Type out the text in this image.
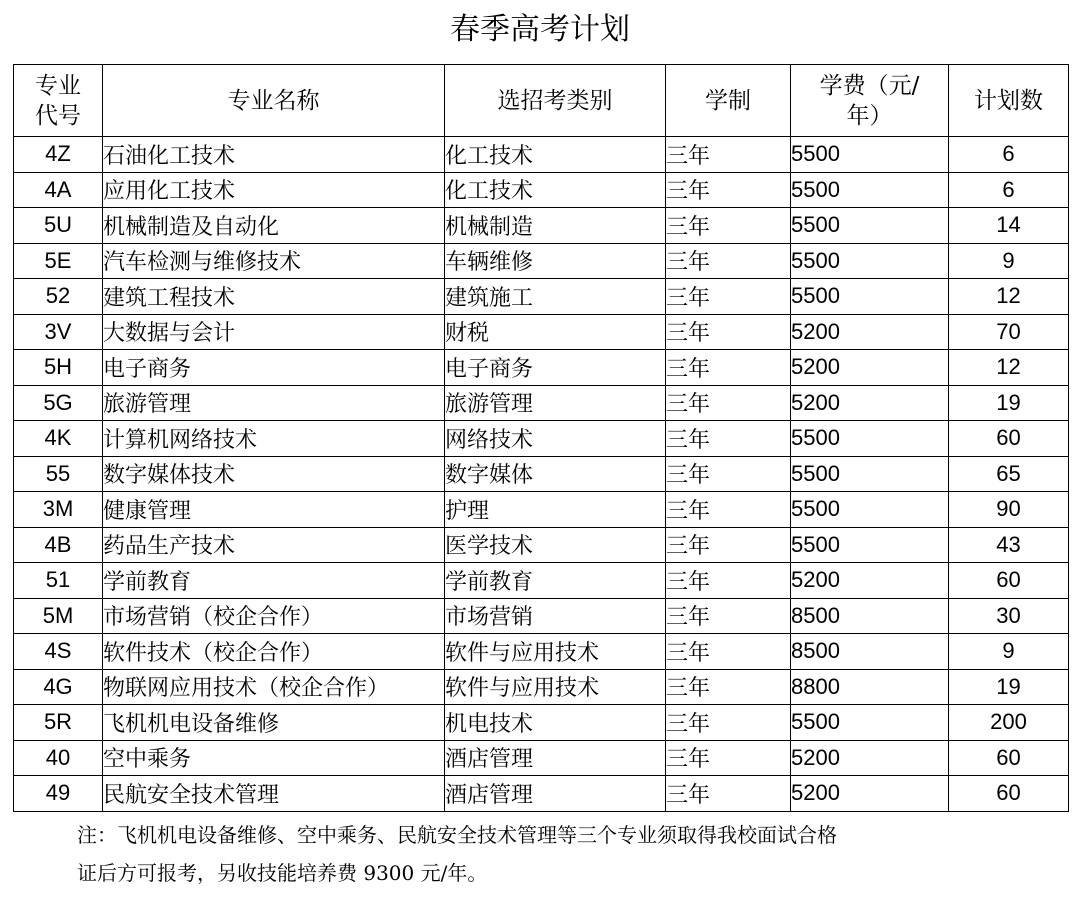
春季高考计划
专业代号	专业名称	选招考类别	学制	学费（元/年）	计划数
4Z	石油化工技术	化工技术	三年	5500	6
4A	应用化工技术	化工技术	三年	5500	6
5U	机械制造及自动化	机械制造	三年	5500	14
5E	汽车检测与维修技术	车辆维修	三年	5500	9
52	建筑工程技术	建筑施工	三年	5500	12
3V	大数据与会计	财税	三年	5200	70
5H	电子商务	电子商务	三年	5200	12
5G	旅游管理	旅游管理	三年	5200	19
4K	计算机网络技术	网络技术	三年	5500	60
55	数字媒体技术	数字媒体	三年	5500	65
3M	健康管理	护理	三年	5500	90
4B	药品生产技术	医学技术	三年	5500	43
51	学前教育	学前教育	三年	5200	60
5M	市场营销（校企合作）	市场营销	三年	8500	30
4S	软件技术（校企合作）	软件与应用技术	三年	8500	9
4G	物联网应用技术（校企合作）	软件与应用技术	三年	8800	19
5R	飞机机电设备维修	机电技术	三年	5500	200
40	空中乘务	酒店管理	三年	5200	60
49	民航安全技术管理	酒店管理	三年	5200	60
注：飞机机电设备维修、空中乘务、民航安全技术管理等三个专业须取得我校面试合格
证后方可报考，另收技能培养费 9300 元/年。
